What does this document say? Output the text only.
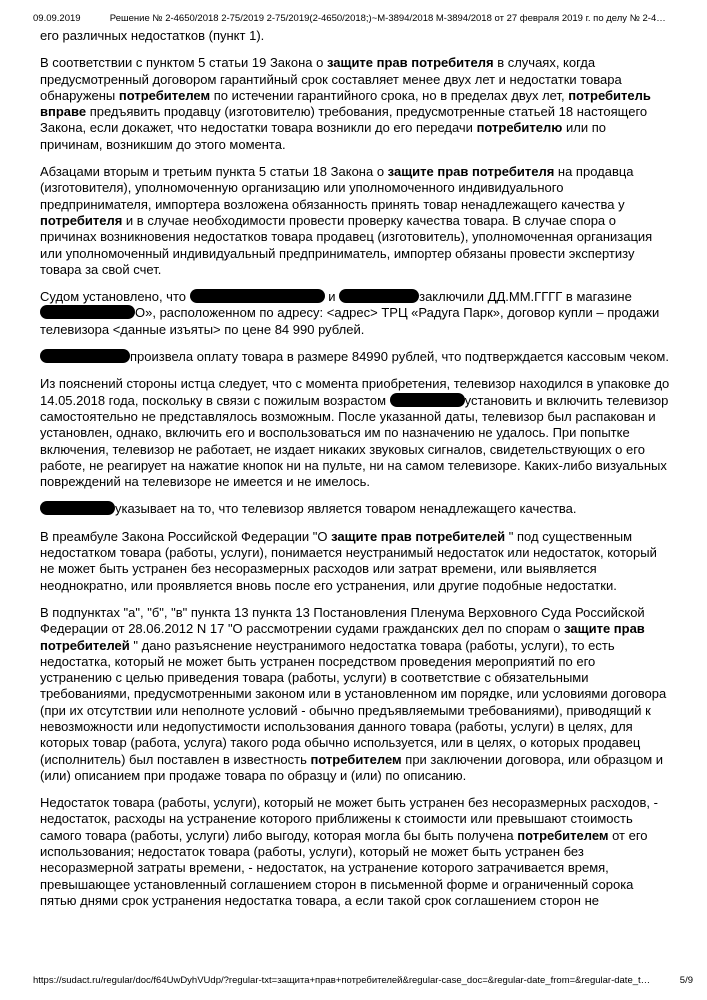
09.09.2019	Решение № 2-4650/2018 2-75/2019 2-75/2019(2-4650/2018;)~М-3894/2018 М-3894/2018 от 27 февраля 2019 г. по делу № 2-4…

его различных недостатков (пункт 1).

В соответствии с пунктом 5 статьи 19 Закона о защите прав потребителя в случаях, когда предусмотренный договором гарантийный срок составляет менее двух лет и недостатки товара обнаружены потребителем по истечении гарантийного срока, но в пределах двух лет, потребитель вправе предъявить продавцу (изготовителю) требования, предусмотренные статьей 18 настоящего Закона, если докажет, что недостатки товара возникли до его передачи потребителю или по причинам, возникшим до этого момента.

Абзацами вторым и третьим пункта 5 статьи 18 Закона о защите прав потребителя на продавца (изготовителя), уполномоченную организацию или уполномоченного индивидуального предпринимателя, импортера возложена обязанность принять товар ненадлежащего качества у потребителя и в случае необходимости провести проверку качества товара. В случае спора о причинах возникновения недостатков товара продавец (изготовитель), уполномоченная организация или уполномоченный индивидуальный предприниматель, импортер обязаны провести экспертизу товара за свой счет.

Судом установлено, что	и	заключили ДД.ММ.ГГГГ в магазине О», расположенном по адресу: <адрес> ТРЦ «Радуга Парк», договор купли – продажи телевизора <данные изъяты> по цене 84 990 рублей.

произвела оплату товара в размере 84990 рублей, что подтверждается кассовым чеком.

Из пояснений стороны истца следует, что с момента приобретения, телевизор находился в упаковке до 14.05.2018 года, поскольку в связи с пожилым возрастом	установить и включить телевизор самостоятельно не представлялось возможным. После указанной даты, телевизор был распакован и установлен, однако, включить его и воспользоваться им по назначению не удалось. При попытке включения, телевизор не работает, не издает никаких звуковых сигналов, свидетельствующих о его работе, не реагирует на нажатие кнопок ни на пульте, ни на самом телевизоре. Каких-либо визуальных повреждений на телевизоре не имеется и не имелось.

указывает на то, что телевизор является товаром ненадлежащего качества.

В преамбуле Закона Российской Федерации "О защите прав потребителей " под существенным недостатком товара (работы, услуги), понимается неустранимый недостаток или недостаток, который не может быть устранен без несоразмерных расходов или затрат времени, или выявляется неоднократно, или проявляется вновь после его устранения, или другие подобные недостатки.

В подпунктах "а", "б", "в" пункта 13 пункта 13 Постановления Пленума Верховного Суда Российской Федерации от 28.06.2012 N 17 "О рассмотрении судами гражданских дел по спорам о защите прав потребителей " дано разъяснение неустранимого недостатка товара (работы, услуги), то есть недостатка, который не может быть устранен посредством проведения мероприятий по его устранению с целью приведения товара (работы, услуги) в соответствие с обязательными требованиями, предусмотренными законом или в установленном им порядке, или условиями договора (при их отсутствии или неполноте условий - обычно предъявляемыми требованиями), приводящий к невозможности или недопустимости использования данного товара (работы, услуги) в целях, для которых товар (работа, услуга) такого рода обычно используется, или в целях, о которых продавец (исполнитель) был поставлен в известность потребителем при заключении договора, или образцом и (или) описанием при продаже товара по образцу и (или) по описанию.

Недостаток товара (работы, услуги), который не может быть устранен без несоразмерных расходов, - недостаток, расходы на устранение которого приближены к стоимости или превышают стоимость самого товара (работы, услуги) либо выгоду, которая могла бы быть получена потребителем от его использования; недостаток товара (работы, услуги), который не может быть устранен без несоразмерной затраты времени, - недостаток, на устранение которого затрачивается время, превышающее установленный соглашением сторон в письменной форме и ограниченный сорока пятью днями срок устранения недостатка товара, а если такой срок соглашением сторон не

https://sudact.ru/regular/doc/f64UwDyhVUdp/?regular-txt=защита+прав+потребителей&regular-case_doc=&regular-date_from=&regular-date_t…	5/9
